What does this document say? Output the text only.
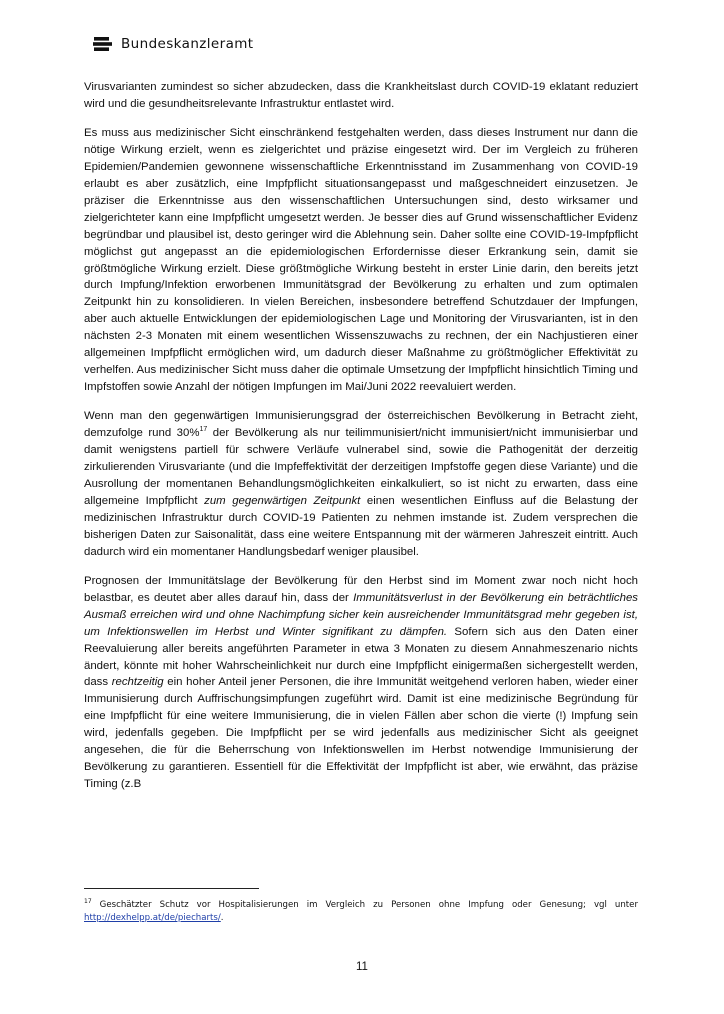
Bundeskanzleramt

Virusvarianten zumindest so sicher abzudecken, dass die Krankheitslast durch COVID-19 eklatant reduziert wird und die gesundheitsrelevante Infrastruktur entlastet wird.

Es muss aus medizinischer Sicht einschränkend festgehalten werden, dass dieses Instrument nur dann die nötige Wirkung erzielt, wenn es zielgerichtet und präzise eingesetzt wird. Der im Vergleich zu früheren Epidemien/Pandemien gewonnene wissenschaftliche Erkenntnisstand im Zusammenhang von COVID-19 erlaubt es aber zusätzlich, eine Impfpflicht situationsangepasst und maßgeschneidert einzusetzen. Je präziser die Erkenntnisse aus den wissenschaftlichen Untersuchungen sind, desto wirksamer und zielgerichteter kann eine Impfpflicht umgesetzt werden. Je besser dies auf Grund wissenschaftlicher Evidenz begründbar und plausibel ist, desto geringer wird die Ablehnung sein. Daher sollte eine COVID-19-Impfpflicht möglichst gut angepasst an die epidemiologischen Erfordernisse dieser Erkrankung sein, damit sie größtmögliche Wirkung erzielt. Diese größtmögliche Wirkung besteht in erster Linie darin, den bereits jetzt durch Impfung/Infektion erworbenen Immunitätsgrad der Bevölkerung zu erhalten und zum optimalen Zeitpunkt hin zu konsolidieren. In vielen Bereichen, insbesondere betreffend Schutzdauer der Impfungen, aber auch aktuelle Entwicklungen der epidemiologischen Lage und Monitoring der Virusvarianten, ist in den nächsten 2-3 Monaten mit einem wesentlichen Wissenszuwachs zu rechnen, der ein Nachjustieren einer allgemeinen Impfpflicht ermöglichen wird, um dadurch dieser Maßnahme zu größtmöglicher Effektivität zu verhelfen. Aus medizinischer Sicht muss daher die optimale Umsetzung der Impfpflicht hinsichtlich Timing und Impfstoffen sowie Anzahl der nötigen Impfungen im Mai/Juni 2022 reevaluiert werden.

Wenn man den gegenwärtigen Immunisierungsgrad der österreichischen Bevölkerung in Betracht zieht, demzufolge rund 30%$^{17}$ der Bevölkerung als nur teilimmunisiert/nicht immunisiert/nicht immunisierbar und damit wenigstens partiell für schwere Verläufe vulnerabel sind, sowie die Pathogenität der derzeitig zirkulierenden Virusvariante (und die Impfeffektivität der derzeitigen Impfstoffe gegen diese Variante) und die Ausrollung der momentanen Behandlungsmöglichkeiten einkalkuliert, so ist nicht zu erwarten, dass eine allgemeine Impfpflicht zum gegenwärtigen Zeitpunkt einen wesentlichen Einfluss auf die Belastung der medizinischen Infrastruktur durch COVID-19 Patienten zu nehmen imstande ist. Zudem versprechen die bisherigen Daten zur Saisonalität, dass eine weitere Entspannung mit der wärmeren Jahreszeit eintritt. Auch dadurch wird ein momentaner Handlungsbedarf weniger plausibel.

Prognosen der Immunitätslage der Bevölkerung für den Herbst sind im Moment zwar noch nicht hoch belastbar, es deutet aber alles darauf hin, dass der Immunitätsverlust in der Bevölkerung ein beträchtliches Ausmaß erreichen wird und ohne Nachimpfung sicher kein ausreichender Immunitätsgrad mehr gegeben ist, um Infektionswellen im Herbst und Winter signifikant zu dämpfen. Sofern sich aus den Daten einer Reevaluierung aller bereits angeführten Parameter in etwa 3 Monaten zu diesem Annahmeszenario nichts ändert, könnte mit hoher Wahrscheinlichkeit nur durch eine Impfpflicht einigermaßen sichergestellt werden, dass rechtzeitig ein hoher Anteil jener Personen, die ihre Immunität weitgehend verloren haben, wieder einer Immunisierung durch Auffrischungsimpfungen zugeführt wird. Damit ist eine medizinische Begründung für eine Impfpflicht für eine weitere Immunisierung, die in vielen Fällen aber schon die vierte (!) Impfung sein wird, jedenfalls gegeben. Die Impfpflicht per se wird jedenfalls aus medizinischer Sicht als geeignet angesehen, die für die Beherrschung von Infektionswellen im Herbst notwendige Immunisierung der Bevölkerung zu garantieren. Essentiell für die Effektivität der Impfpflicht ist aber, wie erwähnt, das präzise Timing (z.B

$^{17}$ Geschätzter Schutz vor Hospitalisierungen im Vergleich zu Personen ohne Impfung oder Genesung; vgl unter http://dexhelpp.at/de/piecharts/.
11
